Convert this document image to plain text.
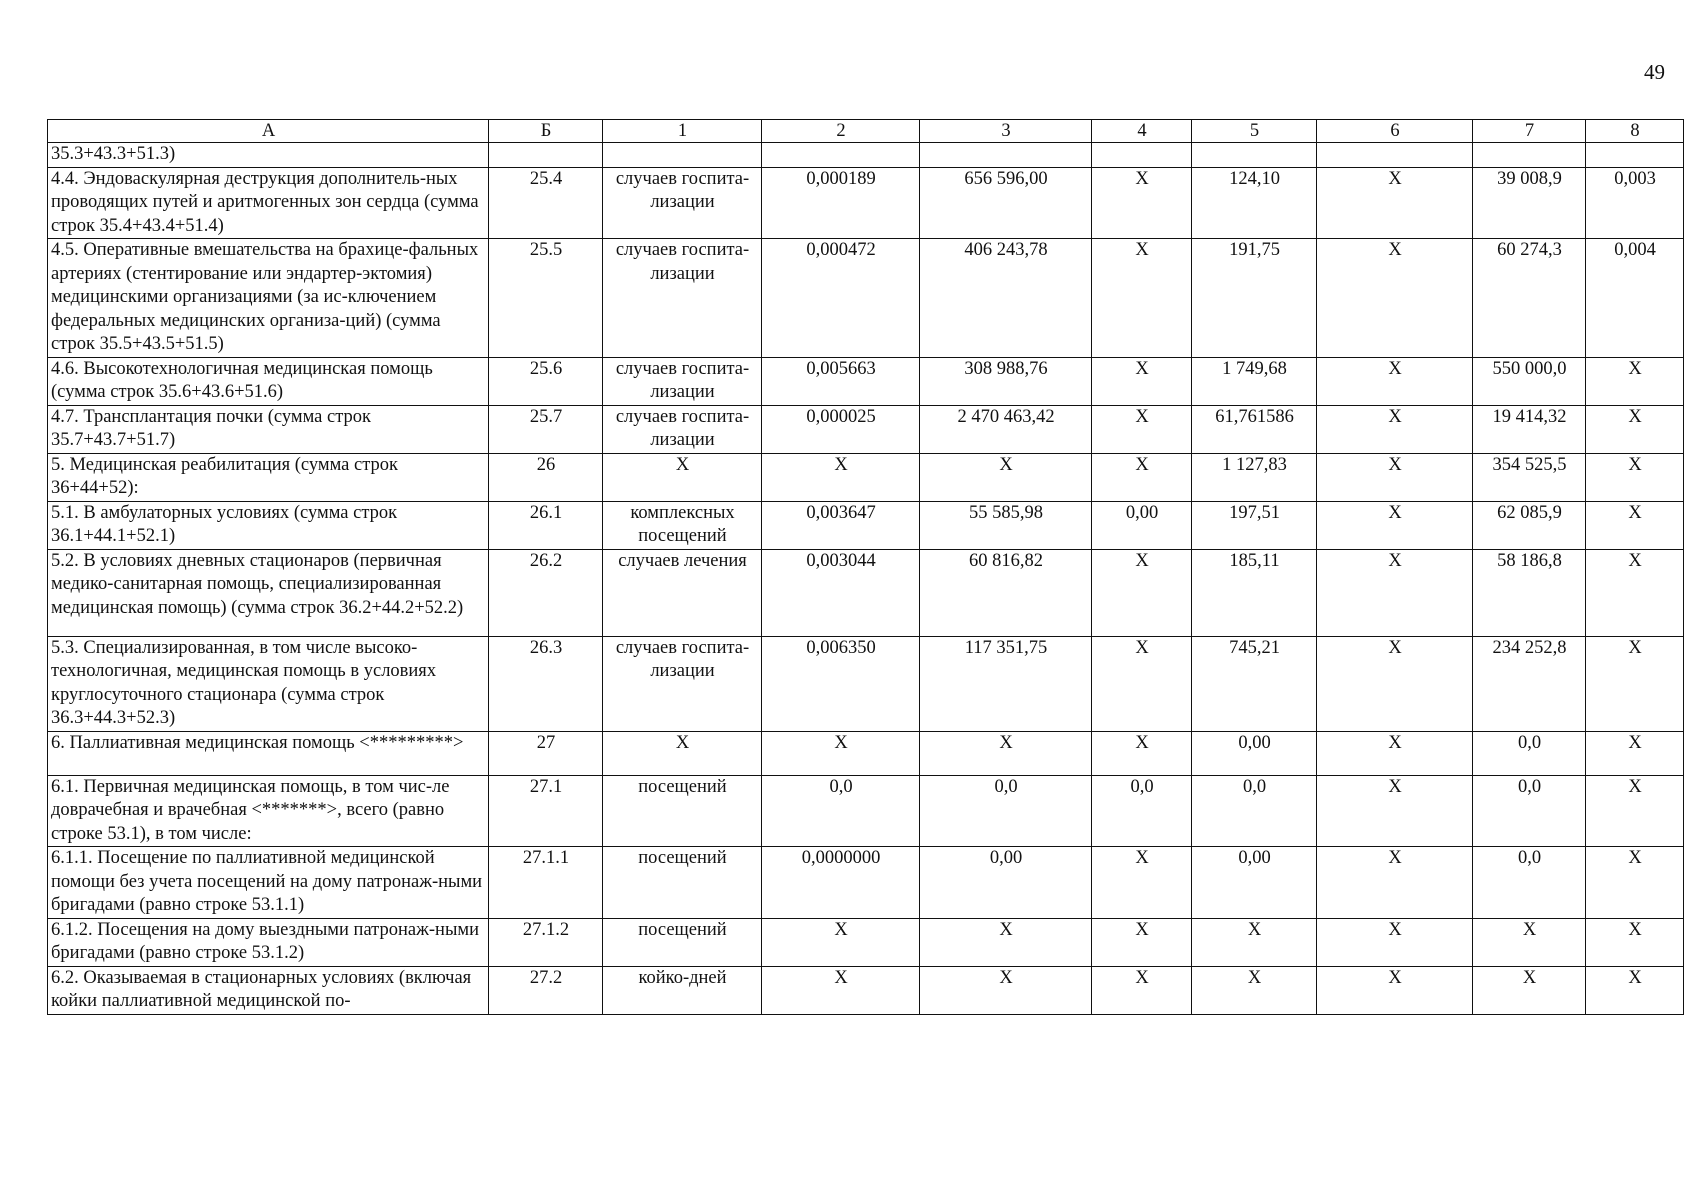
49
А	Б	1	2	3	4	5	6	7	8
35.3+43.3+51.3)									
4.4. Эндоваскулярная деструкция дополнитель-ных проводящих путей и аритмогенных зон сердца (сумма строк 35.4+43.4+51.4)	25.4	случаев госпита-лизации	0,000189	656 596,00	X	124,10	X	39 008,9	0,003
4.5. Оперативные вмешательства на брахице-фальных артериях (стентирование или эндартер-эктомия) медицинскими организациями (за ис-ключением федеральных медицинских организа-ций) (сумма строк 35.5+43.5+51.5)	25.5	случаев госпита-лизации	0,000472	406 243,78	X	191,75	X	60 274,3	0,004
4.6. Высокотехнологичная медицинская помощь (сумма строк 35.6+43.6+51.6)	25.6	случаев госпита-лизации	0,005663	308 988,76	X	1 749,68	X	550 000,0	X
4.7. Трансплантация почки (сумма строк 35.7+43.7+51.7)	25.7	случаев госпита-лизации	0,000025	2 470 463,42	X	61,761586	X	19 414,32	X
5. Медицинская реабилитация (сумма строк 36+44+52):	26	X	X	X	X	1 127,83	X	354 525,5	X
5.1. В амбулаторных условиях (сумма строк 36.1+44.1+52.1)	26.1	комплексных посещений	0,003647	55 585,98	0,00	197,51	X	62 085,9	X
5.2. В условиях дневных стационаров (первичная медико-санитарная помощь, специализированная медицинская помощь) (сумма строк 36.2+44.2+52.2)	26.2	случаев лечения	0,003044	60 816,82	X	185,11	X	58 186,8	X
5.3. Специализированная, в том числе высоко-технологичная, медицинская помощь в условиях круглосуточного стационара (сумма строк 36.3+44.3+52.3)	26.3	случаев госпита-лизации	0,006350	117 351,75	X	745,21	X	234 252,8	X
6. Паллиативная медицинская помощь <*********>	27	X	X	X	X	0,00	X	0,0	X
6.1. Первичная медицинская помощь, в том чис-ле доврачебная и врачебная <*******>, всего (равно строке 53.1), в том числе:	27.1	посещений	0,0	0,0	0,0	0,0	X	0,0	X
6.1.1. Посещение по паллиативной медицинской помощи без учета посещений на дому патронаж-ными бригадами (равно строке 53.1.1)	27.1.1	посещений	0,0000000	0,00	X	0,00	X	0,0	X
6.1.2. Посещения на дому выездными патронаж-ными бригадами (равно строке 53.1.2)	27.1.2	посещений	X	X	X	X	X	X	X
6.2. Оказываемая в стационарных условиях (включая койки паллиативной медицинской по-	27.2	койко-дней	X	X	X	X	X	X	X
